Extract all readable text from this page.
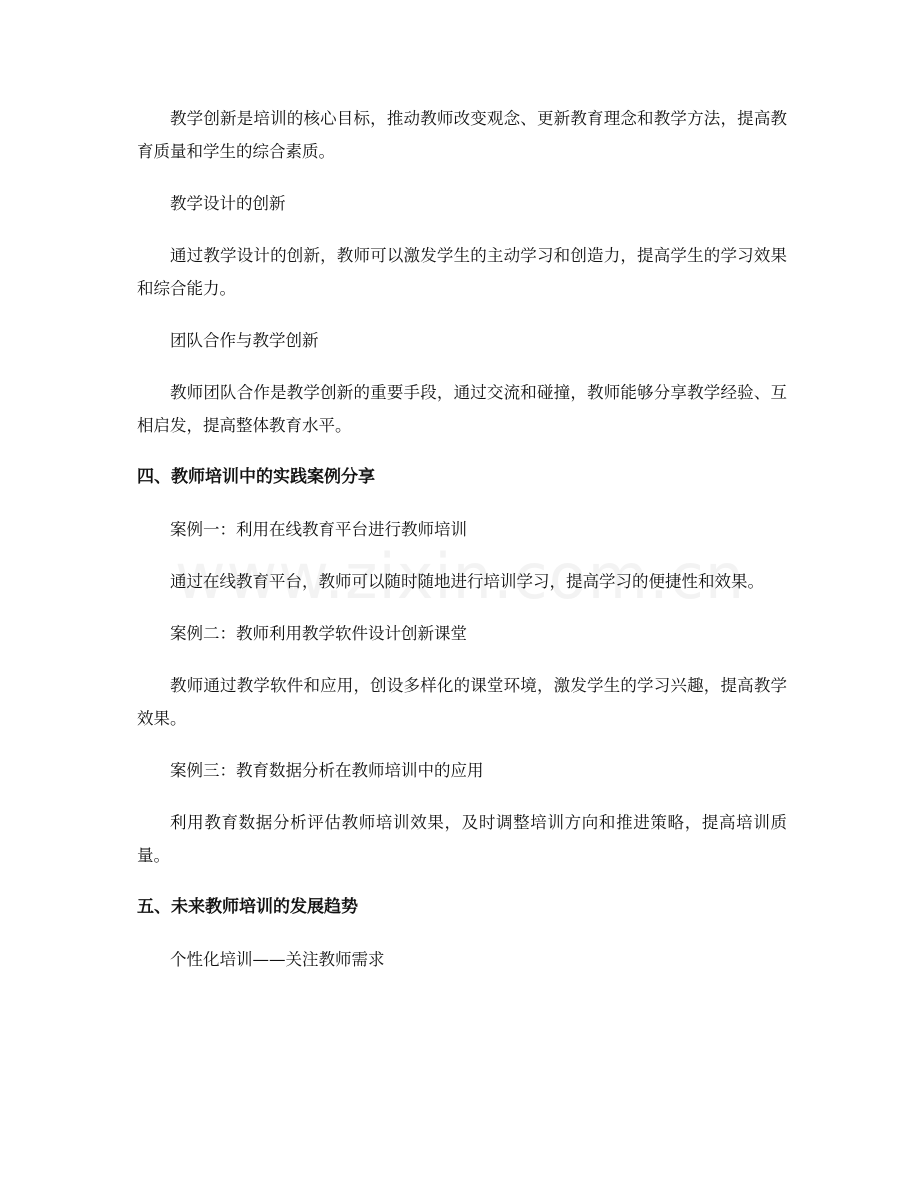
教学创新是培训的核心目标，推动教师改变观念、更新教育理念和教学方法，提高教育质量和学生的综合素质。

教学设计的创新

通过教学设计的创新，教师可以激发学生的主动学习和创造力，提高学生的学习效果和综合能力。

团队合作与教学创新

教师团队合作是教学创新的重要手段，通过交流和碰撞，教师能够分享教学经验、互相启发，提高整体教育水平。

四、教师培训中的实践案例分享

案例一：利用在线教育平台进行教师培训

通过在线教育平台，教师可以随时随地进行培训学习，提高学习的便捷性和效果。

案例二：教师利用教学软件设计创新课堂

教师通过教学软件和应用，创设多样化的课堂环境，激发学生的学习兴趣，提高教学效果。

案例三：教育数据分析在教师培训中的应用

利用教育数据分析评估教师培训效果，及时调整培训方向和推进策略，提高培训质量。

五、未来教师培训的发展趋势

个性化培训——关注教师需求
